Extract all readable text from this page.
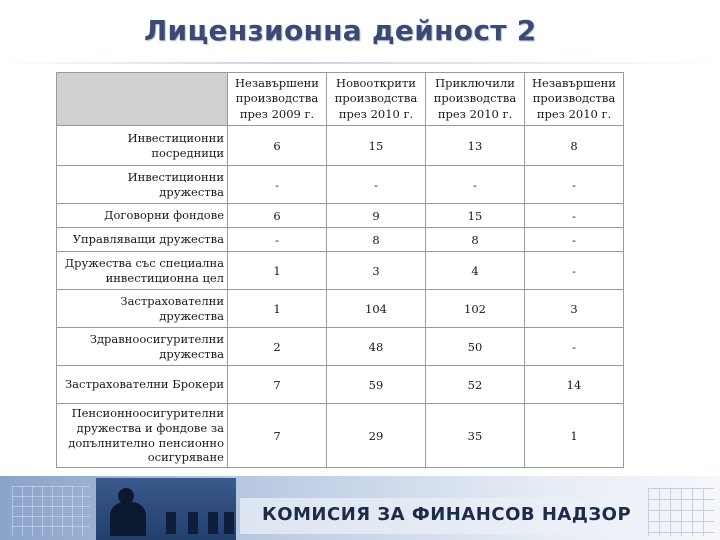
Лицензионна дейност 2
	Незавършени производства през 2009 г.	Новооткрити производства през 2010 г.	Приключили производства през 2010 г.	Незавършени производства през 2010 г.
Инвестиционни посредници	6	15	13	8
Инвестиционни дружества	-	-	-	-
Договорни фондове	6	9	15	-
Управляващи дружества	-	8	8	-
Дружества със специална инвестиционна цел	1	3	4	-
Застрахователни дружества	1	104	102	3
Здравноосигурителни дружества	2	48	50	-
Застрахователни Брокери	7	59	52	14
Пенсионноосигурителни дружества и фондове за допълнително пенсионно осигуряване	7	29	35	1
КОМИСИЯ ЗА ФИНАНСОВ НАДЗОР
